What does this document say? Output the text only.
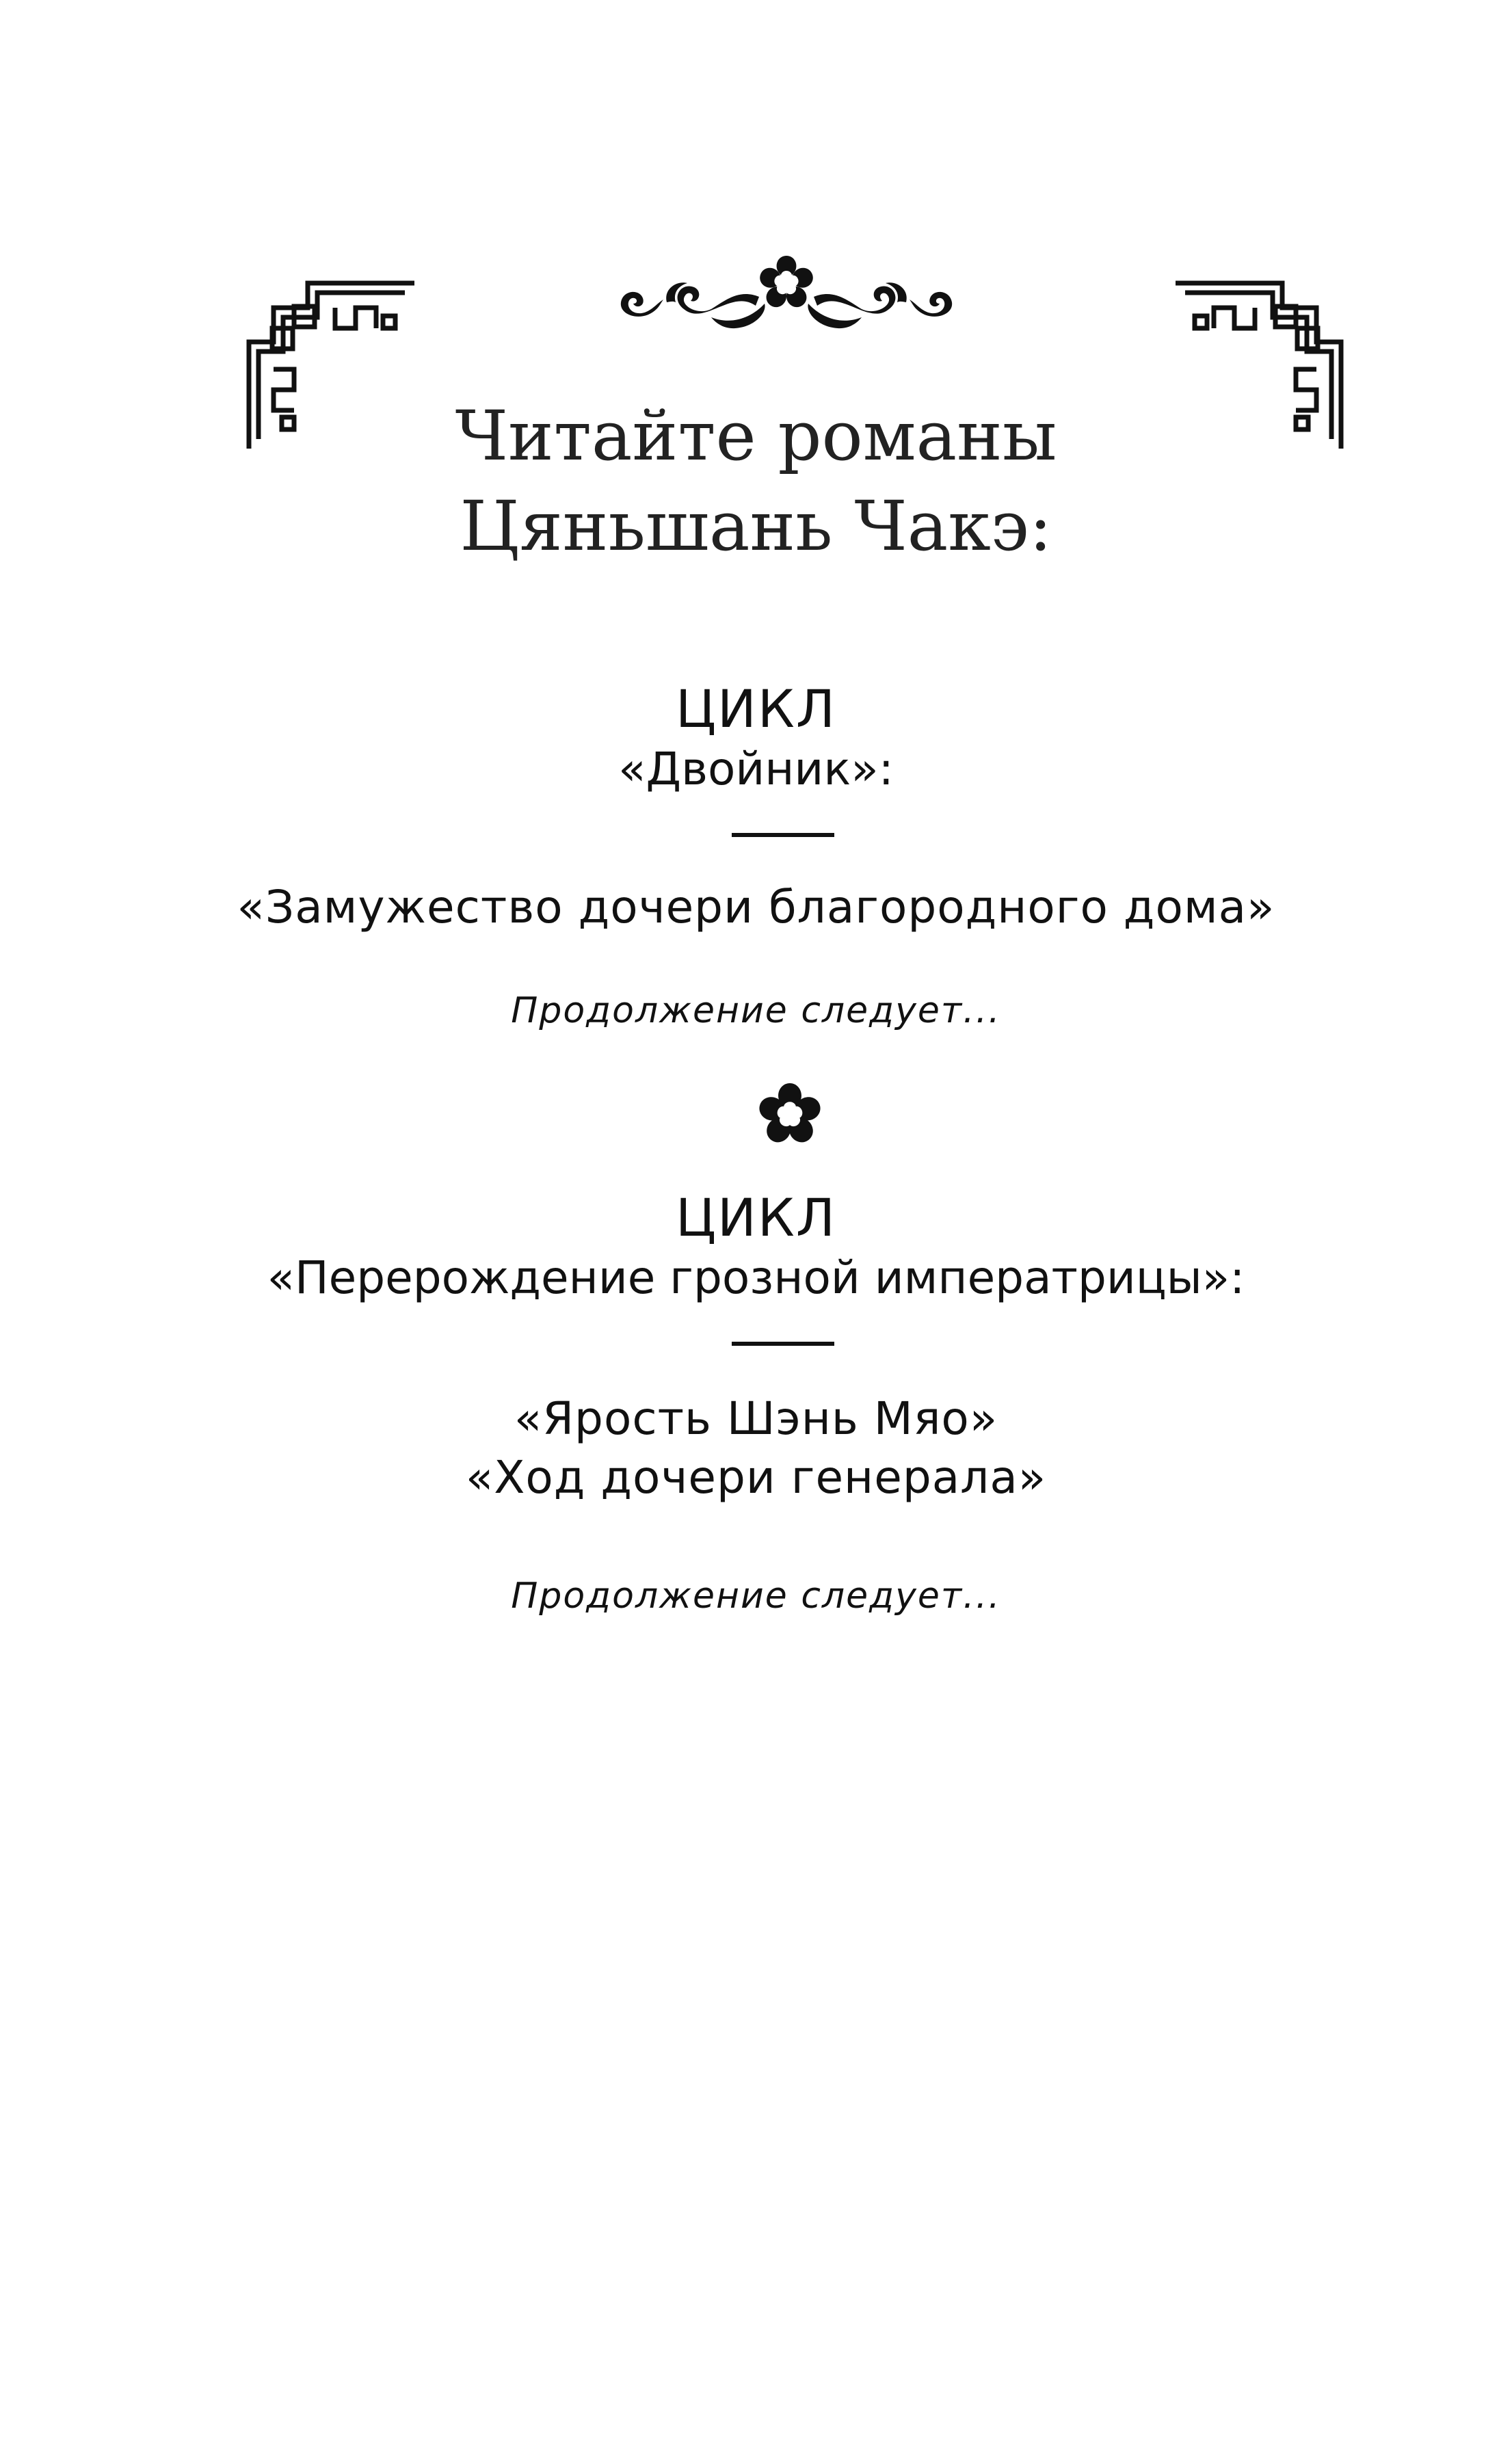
Читайте романы
Цяньшань Чакэ:
ЦИКЛ
«Двойник»:
«Замужество дочери благородного дома»
Продолжение следует...
ЦИКЛ
«Перерождение грозной императрицы»:
«Ярость Шэнь Мяо»
«Ход дочери генерала»
Продолжение следует...
